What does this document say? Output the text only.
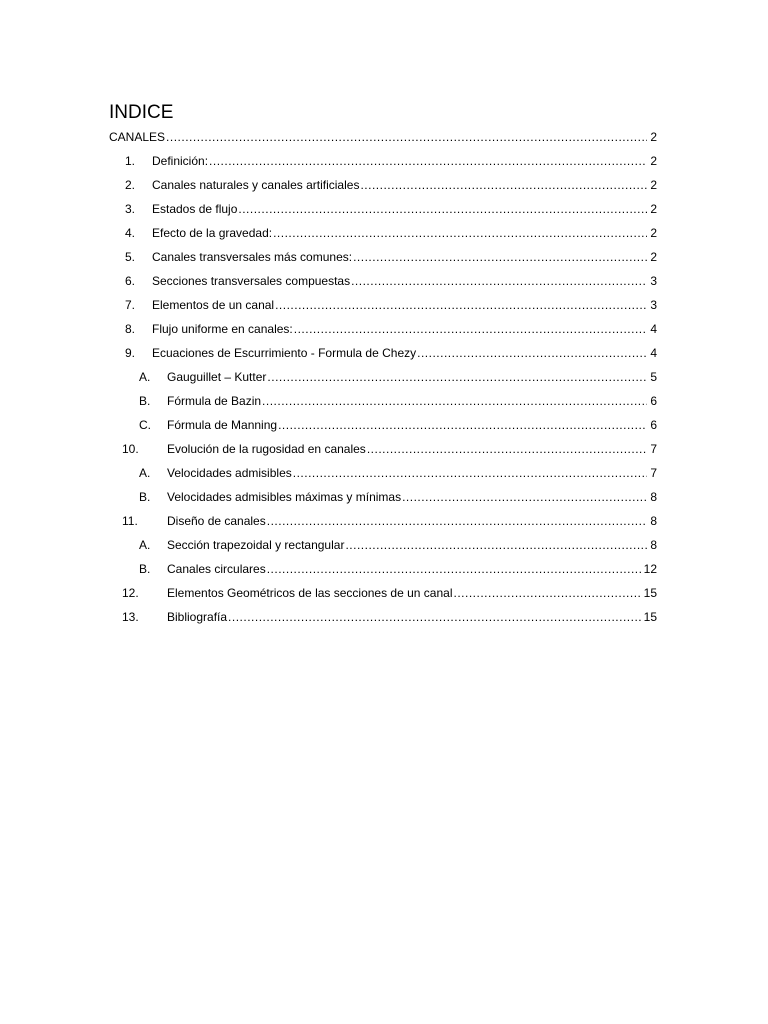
INDICE
CANALES .....	2
1.	Definición: .....	2
2.	Canales naturales y canales artificiales .....	2
3.	Estados de flujo .....	2
4.	Efecto de la gravedad: .....	2
5.	Canales transversales más comunes: .....	2
6.	Secciones transversales compuestas .....	3
7.	Elementos de un canal .....	3
8.	Flujo uniforme en canales: .....	4
9.	Ecuaciones de Escurrimiento - Formula de Chezy .....	4
A.	Gauguillet – Kutter .....	5
B.	Fórmula de Bazin .....	6
C.	Fórmula de Manning .....	6
10.	Evolución de la rugosidad en canales .....	7
A.	Velocidades admisibles .....	7
B.	Velocidades admisibles máximas y mínimas .....	8
11.	Diseño de canales .....	8
A.	Sección trapezoidal y rectangular .....	8
B.	Canales circulares .....	12
12.	Elementos Geométricos de las secciones de un canal .....	15
13.	Bibliografía .....	15
